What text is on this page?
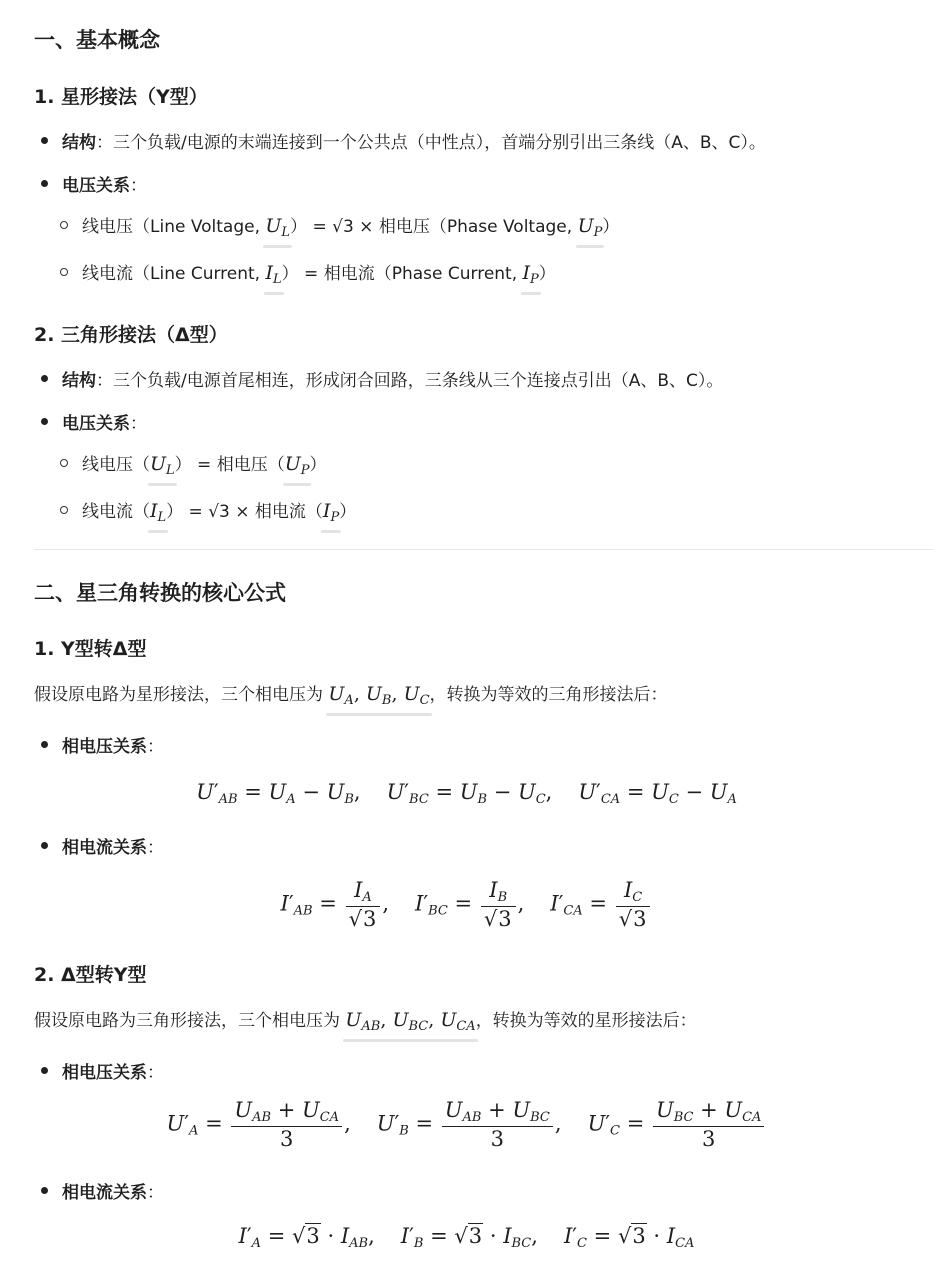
一、基本概念
1. 星形接法（Y型）
结构：三个负载/电源的末端连接到一个公共点（中性点），首端分别引出三条线（A、B、C）。
电压关系：
线电压（Line Voltage, $U_L) = √3$ × 相电压（Phase Voltage, $U_P$）
线电流（Line Current, $I_L$） = 相电流（Phase Current, $I_P$）
2. 三角形接法（Δ型）
结构：三个负载/电源首尾相连，形成闭合回路，三条线从三个连接点引出（A、B、C）。
电压关系：
线电压$(U_L)$ = 相电压$(U_P)$
线电流$(I_L) = √3$ × 相电流$(I_P)$
二、星三角转换的核心公式
1. Y型转Δ型
假设原电路为星形接法，三个相电压为 $U_A$, $U_B$, $U_C$，转换为等效的三角形接法后：
相电压关系：
$U'_{AB} = U_A - U_B$, $U'_{BC} = U_B - U_C$, $U'_{CA} = U_C - U_A$
相电流关系：
$I'_{AB} = \frac{I_A}{√3}$ , $I'_{BC} = \frac{I_B}{√3}$ , $I'_{CA} = \frac{I_C}{√3}$
2. Δ型转Y型
假设原电路为三角形接法，三个相电压为 $U_{AB}$, $U_{BC}$, $U_{CA}$，转换为等效的星形接法后：
相电压关系：
$U'_A = \frac{U_{AB} + U_{CA}}{3}$ , $U'_B = \frac{U_{AB} + U_{BC}}{3}$ , $U'_C = \frac{U_{BC} + U_{CA}}{3}$
相电流关系：
$I'_A = √3 \cdot I_{AB}$, $I'_B = √3 \cdot I_{BC}$, $I'_C = √3 \cdot I_{CA}$
